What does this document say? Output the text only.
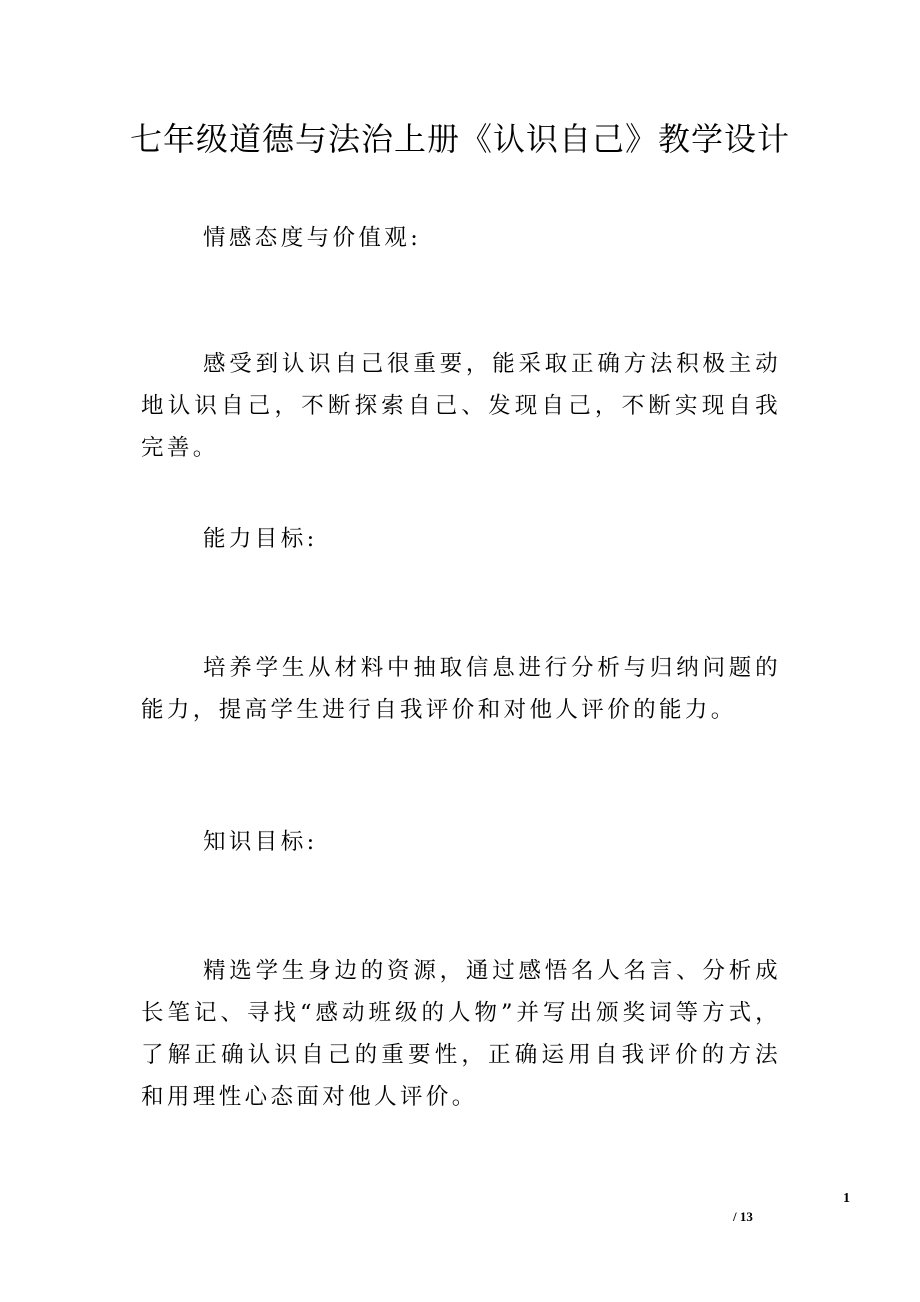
七年级道德与法治上册《认识自己》教学设计

情感态度与价值观:

感受到认识自己很重要，能采取正确方法积极主动地认识自己，不断探索自己、发现自己，不断实现自我完善。

能力目标:

培养学生从材料中抽取信息进行分析与归纳问题的能力，提高学生进行自我评价和对他人评价的能力。

知识目标:

精选学生身边的资源，通过感悟名人名言、分析成长笔记、寻找“感动班级的人物”并写出颁奖词等方式，了解正确认识自己的重要性，正确运用自我评价的方法和用理性心态面对他人评价。

1
/ 13
